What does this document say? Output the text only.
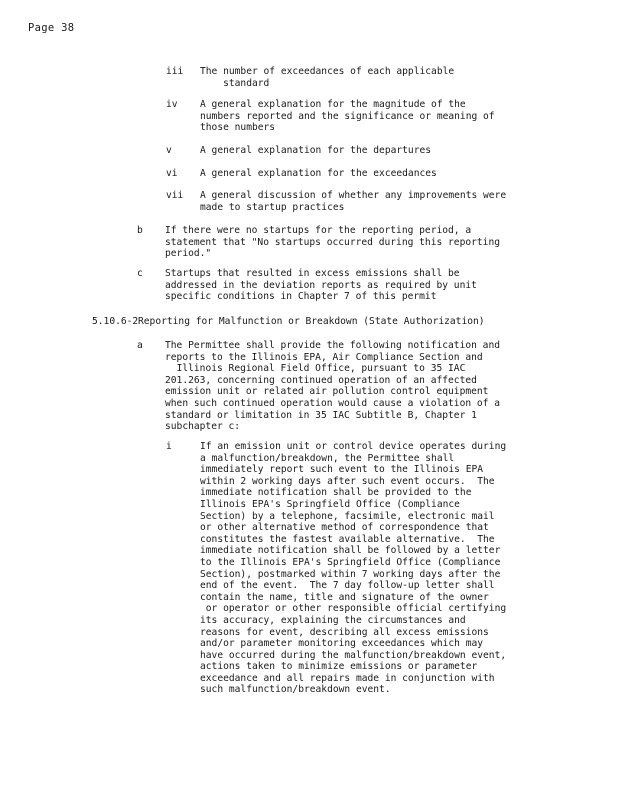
Page 38
iii The number of exceedances of each applicable
standard
iv A general explanation for the magnitude of the
numbers reported and the significance or meaning of
those numbers
v	A general explanation for the departures
vi A general explanation for the exceedances
vii A general discussion of whether any improvements were
made to startup practices
b If there were no startups for the reporting period, a
statement that "No startups occurred during this reporting
period."
c Startups that resulted in excess emissions shall be
addressed in the deviation reports as required by unit
specific conditions in Chapter 7 of this permit
5.10.6-2 Reporting for Malfunction or Breakdown (State Authorization)
a The Permittee shall provide the following notification and
reports to the Illinois EPA, Air Compliance Section and
Illinois Regional Field Office, pursuant to 35 IAC
201.263, concerning continued operation of an affected
emission unit or related air pollution control equipment
when such continued operation would cause a violation of a
standard or limitation in 35 IAC Subtitle B, Chapter 1
subchapter c:
i	If an emission unit or control device operates during
a malfunction/breakdown, the Permittee shall
immediately report such event to the Illinois EPA
within 2 working days after such event occurs.  The
immediate notification shall be provided to the
Illinois EPA's Springfield Office (Compliance
Section) by a telephone, facsimile, electronic mail
or other alternative method of correspondence that
constitutes the fastest available alternative.  The
immediate notification shall be followed by a letter
to the Illinois EPA's Springfield Office (Compliance
Section), postmarked within 7 working days after the
end of the event.  The 7 day follow-up letter shall
contain the name, title and signature of the owner
or operator or other responsible official certifying
its accuracy, explaining the circumstances and
reasons for event, describing all excess emissions
and/or parameter monitoring exceedances which may
have occurred during the malfunction/breakdown event,
actions taken to minimize emissions or parameter
exceedance and all repairs made in conjunction with
such malfunction/breakdown event.
